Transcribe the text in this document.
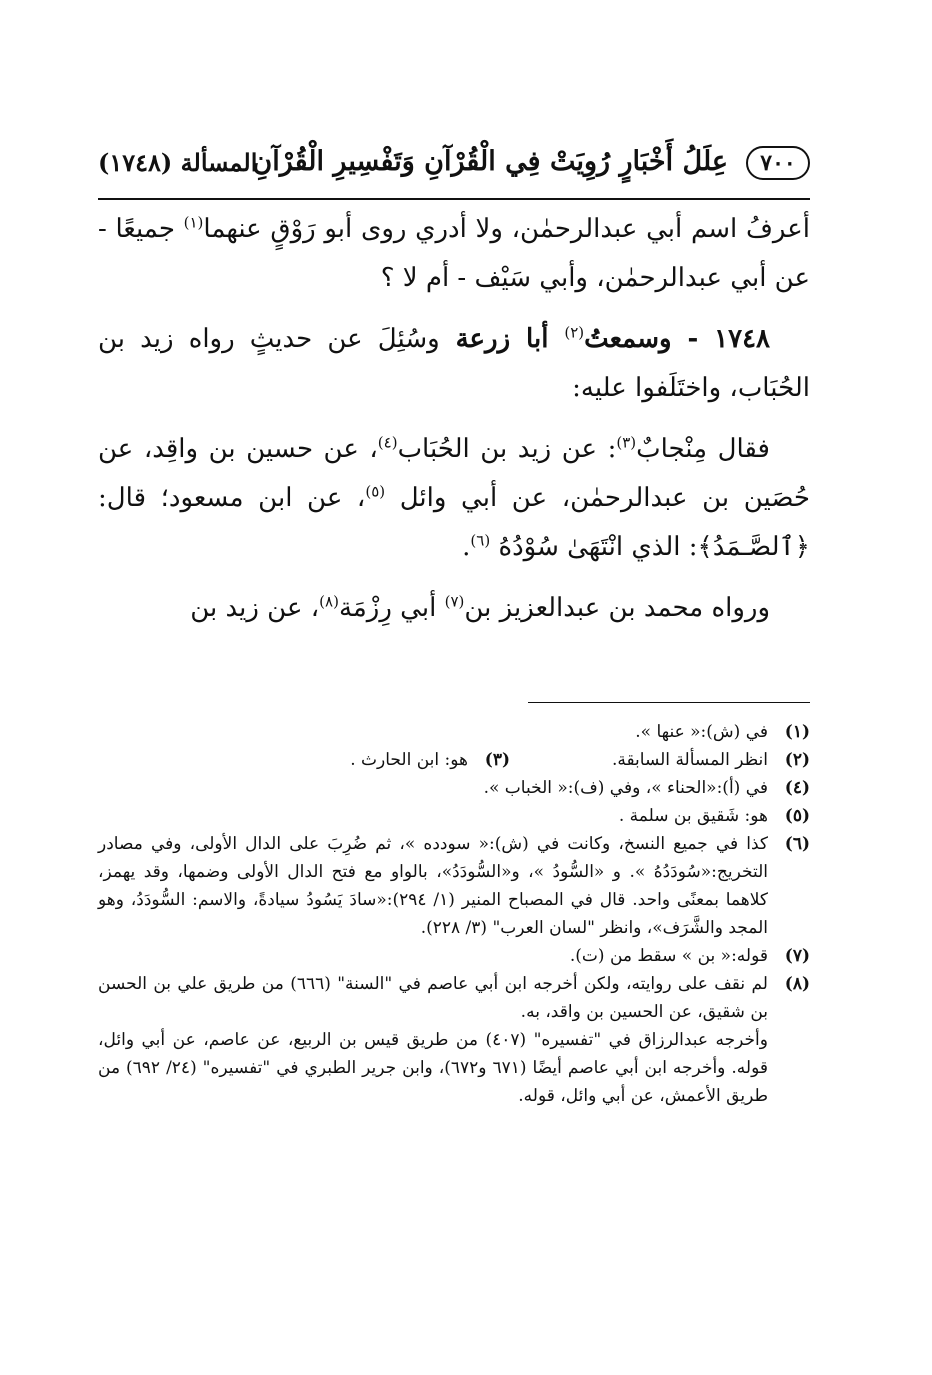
٧٠٠
عِلَلُ أَخْبَارٍ رُوِيَتْ فِي الْقُرْآنِ وَتَفْسِيرِ الْقُرْآنِ
المسألة (١٧٤٨)

أعرفُ اسم أبي عبدالرحمٰن، ولا أدري روى أبو رَوْقٍ عنهما$^{(١)}$ جميعًا - عن أبي عبدالرحمٰن، وأبي سَيْف - أم لا ؟

١٧٤٨ - وسمعتُ$^{(٢)}$ أبا زرعة وسُئِلَ عن حديثٍ رواه زيد بن الحُبَاب، واختَلَفوا عليه:

فقال مِنْجابٌ$^{(٣)}$: عن زيد بن الحُبَاب$^{(٤)}$، عن حسين بن واقِد، عن حُصَين بن عبدالرحمٰن، عن أبي وائل $^{(٥)}$، عن ابن مسعود؛ قال: ﴿ٱلصَّـمَدُ﴾: الذي انْتَهَىٰ سُوْدُهُ $^{(٦)}$.

ورواه محمد بن عبدالعزيز بن$^{(٧)}$ أبي رِزْمَة$^{(٨)}$، عن زيد بن

(١)
في (ش):« عنها ».
(٢)
انظر المسألة السابقة.
(٣)
هو: ابن الحارث .
(٤)
في (أ):«الحناء »، وفي (ف):« الخباب ».
(٥)
هو: شَقيق بن سلمة .
(٦)
كذا في جميع النسخ، وكانت في (ش):« سودده »، ثم ضُرِبَ على الدال الأولى، وفي مصادر التخريج:«سُودَدُهُ ». و «السُّودُ »، و«السُّودَدُ»، بالواو مع فتح الدال الأولى وضمها، وقد يهمز، كلاهما بمعنًى واحد. قال في المصباح المنير (١/ ٢٩٤):«سادَ يَسُودُ سيادةً، والاسم: السُّودَدُ، وهو المجد والشَّرَف»، وانظر "لسان العرب" (٣/ ٢٢٨).
(٧)
قوله:« بن » سقط من (ت).
(٨)
لم نقف على روايته، ولكن أخرجه ابن أبي عاصم في "السنة" (٦٦٦) من طريق علي بن الحسن بن شقيق، عن الحسين بن واقد، به.
وأخرجه عبدالرزاق في "تفسيره" (٤٠٧) من طريق قيس بن الربيع، عن عاصم، عن أبي وائل، قوله. وأخرجه ابن أبي عاصم أيضًا (٦٧١ و٦٧٢)، وابن جرير الطبري في "تفسيره" (٢٤/ ٦٩٢) من طريق الأعمش، عن أبي وائل، قوله.
